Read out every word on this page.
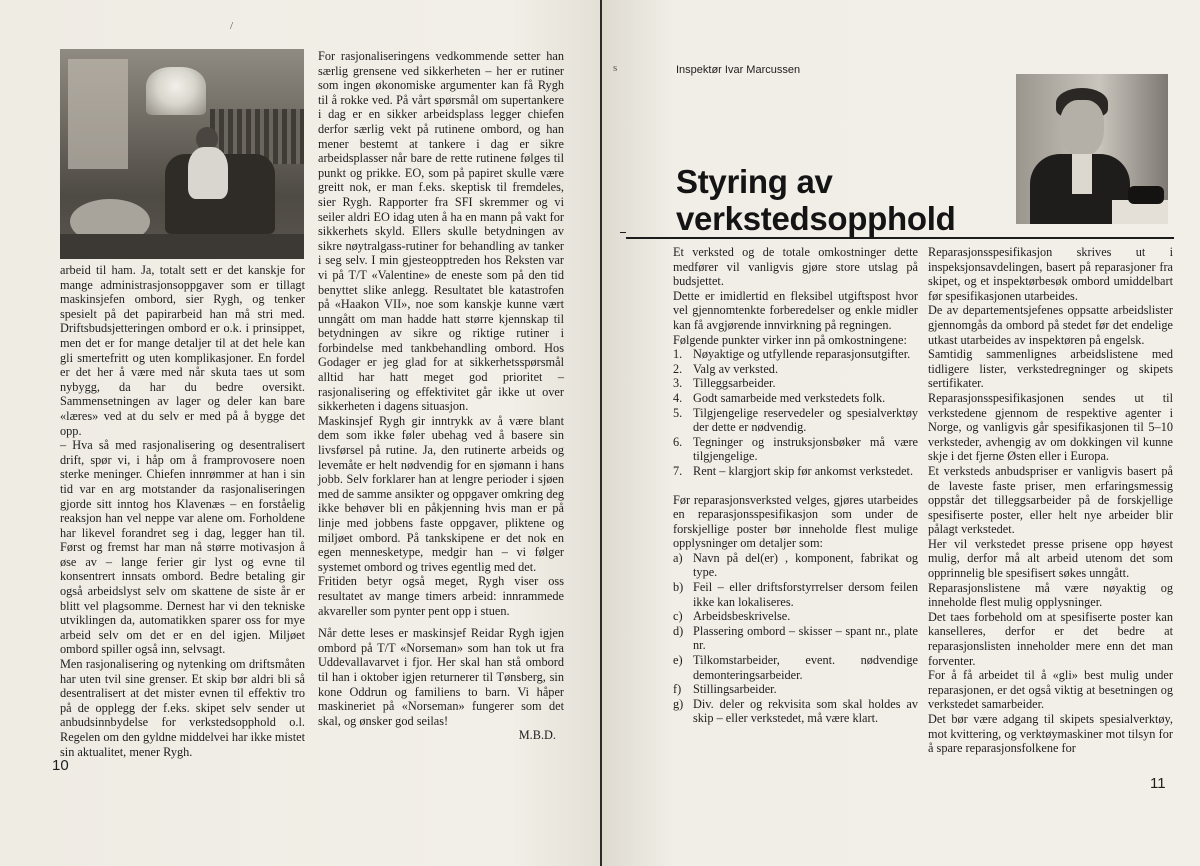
/

arbeid til ham. Ja, totalt sett er det kanskje for mange administrasjonsoppgaver som er tillagt maskinsjefen ombord, sier Rygh, og tenker spesielt på det papirarbeid han må stri med. Driftsbudsjetteringen ombord er o.k. i prinsippet, men det er for mange detaljer til at det hele kan gli smertefritt og uten komplikasjoner. En fordel er det her å være med når skuta taes ut som nybygg, da har du bedre oversikt. Sammensetningen av lager og deler kan bare «læres» ved at du selv er med på å bygge det opp.

– Hva så med rasjonalisering og desentralisert drift, spør vi, i håp om å framprovosere noen sterke meninger. Chiefen innrømmer at han i sin tid var en arg motstander da rasjonaliseringen gjorde sitt inntog hos Klavenæs – en forståelig reaksjon han vel neppe var alene om. Forholdene har likevel forandret seg i dag, legger han til. Først og fremst har man nå større motivasjon å øse av – lange ferier gir lyst og evne til konsentrert innsats ombord. Bedre betaling gir også arbeidslyst selv om skattene de siste år er blitt vel plagsomme. Dernest har vi den tekniske utviklingen da, automatikken sparer oss for mye arbeid selv om det er en del igjen. Miljøet ombord spiller også inn, selvsagt.

Men rasjonalisering og nytenking om driftsmåten har uten tvil sine grenser. Et skip bør aldri bli så desentralisert at det mister evnen til effektiv tro på de opplegg der f.eks. skipet selv sender ut anbudsinnbydelse for verkstedsopphold o.l. Regelen om den gyldne middelvei har ikke mistet sin aktualitet, mener Rygh.

For rasjonaliseringens vedkommende setter han særlig grensene ved sikkerheten – her er rutiner som ingen økonomiske argumenter kan få Rygh til å rokke ved. På vårt spørsmål om supertankere i dag er en sikker arbeidsplass legger chiefen derfor særlig vekt på rutinene ombord, og han mener bestemt at tankere i dag er sikre arbeidsplasser når bare de rette rutinene følges til punkt og prikke. EO, som på papiret skulle være greitt nok, er man f.eks. skeptisk til fremdeles, sier Rygh. Rapporter fra SFI skremmer og vi seiler aldri EO idag uten å ha en mann på vakt for sikkerhets skyld. Ellers skulle betydningen av sikre nøytralgass-rutiner for behandling av tanker i seg selv. I min gjesteopptreden hos Reksten var vi på T/T «Valentine» de eneste som på den tid benyttet slike anlegg. Resultatet ble katastrofen på «Haakon VII», noe som kanskje kunne vært unngått om man hadde hatt større kjennskap til betydningen av sikre og riktige rutiner i forbindelse med tankbehandling ombord. Hos Godager er jeg glad for at sikkerhetsspørsmål alltid har hatt meget god prioritet – rasjonalisering og effektivitet går ikke ut over sikkerheten i dagens situasjon.

Maskinsjef Rygh gir inntrykk av å være blant dem som ikke føler ubehag ved å basere sin livsførsel på rutine. Ja, den rutinerte arbeids og levemåte er helt nødvendig for en sjømann i hans jobb. Selv forklarer han at lengre perioder i sjøen med de samme ansikter og oppgaver omkring deg ikke behøver bli en påkjenning hvis man er på linje med jobbens faste oppgaver, pliktene og miljøet ombord. På tankskipene er det nok en egen mennesketype, medgir han – vi følger systemet ombord og trives egentlig med det.

Fritiden betyr også meget, Rygh viser oss resultatet av mange timers arbeid: innrammede akvareller som pynter pent opp i stuen.

Når dette leses er maskinsjef Reidar Rygh igjen ombord på T/T «Norseman» som han tok ut fra Uddevallavarvet i fjor. Her skal han stå ombord til han i oktober igjen returnerer til Tønsberg, sin kone Oddrun og familiens to barn. Vi håper maskineriet på «Norseman» fungerer som det skal, og ønsker god seilas!

M.B.D.

10
s	Inspektør Ivar Marcussen
Styring av
verkstedsopphold

Et verksted og de totale omkostninger dette medfører vil vanligvis gjøre store utslag på budsjettet.

Dette er imidlertid en fleksibel utgiftspost hvor vel gjennomtenkte forberedelser og enkle midler kan få avgjørende innvirkning på regningen.

Følgende punkter virker inn på omkostningene:

1. Nøyaktige og utfyllende reparasjonsutgifter.
2. Valg av verksted.
3. Tilleggsarbeider.
4. Godt samarbeide med verkstedets folk.
5. Tilgjengelige reservedeler og spesialverktøy der dette er nødvendig.
6. Tegninger og instruksjonsbøker må være tilgjengelige.
7. Rent – klargjort skip før ankomst verkstedet.

Før reparasjonsverksted velges, gjøres utarbeides en reparasjonsspesifikasjon som under de forskjellige poster bør inneholde flest mulige opplysninger om detaljer som:

a) Navn på del(er) , komponent, fabrikat og type.
b) Feil – eller driftsforstyrrelser dersom feilen ikke kan lokaliseres.
c) Arbeidsbeskrivelse.
d) Plassering ombord – skisser – spant nr., plate nr.
e) Tilkomstarbeider, event. nødvendige demonteringsarbeider.
f) Stillingsarbeider.
g) Div. deler og rekvisita som skal holdes av skip – eller verkstedet, må være klart.

Reparasjonsspesifikasjon skrives ut i inspeksjonsavdelingen, basert på reparasjoner fra skipet, og et inspektørbesøk ombord umiddelbart før spesifikasjonen utarbeides.

De av departementsjefenes oppsatte arbeidslister gjennomgås da ombord på stedet før det endelige utkast utarbeides av inspektøren på engelsk.

Samtidig sammenlignes arbeidslistene med tidligere lister, verkstedregninger og skipets sertifikater.

Reparasjonsspesifikasjonen sendes ut til verkstedene gjennom de respektive agenter i Norge, og vanligvis går spesifikasjonen til 5–10 verksteder, avhengig av om dokkingen vil kunne skje i det fjerne Østen eller i Europa.

Et verksteds anbudspriser er vanligvis basert på de laveste faste priser, men erfaringsmessig oppstår det tilleggsarbeider på de forskjellige spesifiserte poster, eller helt nye arbeider blir pålagt verkstedet.

Her vil verkstedet presse prisene opp høyest mulig, derfor må alt arbeid utenom det som opprinnelig ble spesifisert søkes unngått.

Reparasjonslistene må være nøyaktig og inneholde flest mulig opplysninger.

Det taes forbehold om at spesifiserte poster kan kanselleres, derfor er det bedre at reparasjonslisten inneholder mere enn det man forventer.

For å få arbeidet til å «gli» best mulig under reparasjonen, er det også viktig at besetningen og verkstedet samarbeider.

Det bør være adgang til skipets spesialverktøy, mot kvittering, og verktøymaskiner mot tilsyn for å spare reparasjonsfolkene for

11
